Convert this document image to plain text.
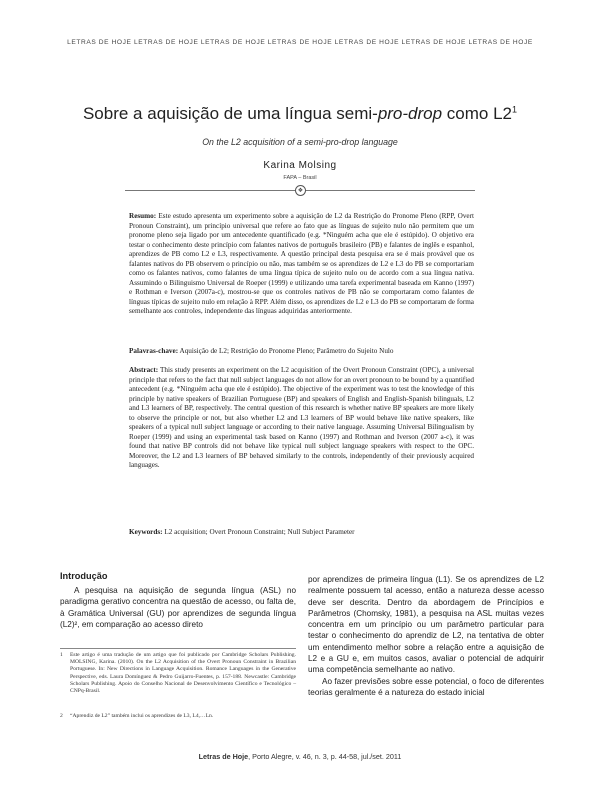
LETRAS DE HOJE LETRAS DE HOJE LETRAS DE HOJE LETRAS DE HOJE LETRAS DE HOJE LETRAS DE HOJE LETRAS DE HOJE
Sobre a aquisição de uma língua semi-pro-drop como $L2^1$
On the L2 acquisition of a semi-pro-drop language
Karina Molsing
FAPA – Brasil
❖
Resumo: Este estudo apresenta um experimento sobre a aquisição de L2 da Restrição do Pronome Pleno (RPP, Overt Pronoun Constraint), um princípio universal que refere ao fato que as línguas de sujeito nulo não permitem que um pronome pleno seja ligado por um antecedente quantificado (e.g. *Ninguém acha que ele é estúpido). O objetivo era testar o conhecimento deste princípio com falantes nativos de português brasileiro (PB) e falantes de inglês e espanhol, aprendizes de PB como L2 e L3, respectivamente. A questão principal desta pesquisa era se é mais provável que os falantes nativos do PB observem o princípio ou não, mas também se os aprendizes de L2 e L3 do PB se comportariam como os falantes nativos, como falantes de uma língua típica de sujeito nulo ou de acordo com a sua língua nativa. Assumindo o Bilinguismo Universal de Roeper (1999) e utilizando uma tarefa experimental baseada em Kanno (1997) e Rothman e Iverson (2007a-c), mostrou-se que os controles nativos de PB não se comportaram como falantes de línguas típicas de sujeito nulo em relação à RPP. Além disso, os aprendizes de L2 e L3 do PB se comportaram de forma semelhante aos controles, independente das línguas adquiridas anteriormente.
Palavras-chave: Aquisição de L2; Restrição do Pronome Pleno; Parâmetro do Sujeito Nulo
Abstract: This study presents an experiment on the L2 acquisition of the Overt Pronoun Constraint (OPC), a universal principle that refers to the fact that null subject languages do not allow for an overt pronoun to be bound by a quantified antecedent (e.g. *Ninguém acha que ele é estúpido). The objective of the experiment was to test the knowledge of this principle by native speakers of Brazilian Portuguese (BP) and speakers of English and English-Spanish bilinguals, L2 and L3 learners of BP, respectively. The central question of this research is whether native BP speakers are more likely to observe the principle or not, but also whether L2 and L3 learners of BP would behave like native speakers, like speakers of a typical null subject language or according to their native language. Assuming Universal Bilingualism by Roeper (1999) and using an experimental task based on Kanno (1997) and Rothman and Iverson (2007 a-c), it was found that native BP controls did not behave like typical null subject language speakers with respect to the OPC. Moreover, the L2 and L3 learners of BP behaved similarly to the controls, independently of their previously acquired languages.
Keywords: L2 acquisition; Overt Pronoun Constraint; Null Subject Parameter
Introdução
A pesquisa na aquisição de segunda língua (ASL) no paradigma gerativo concentra na questão de acesso, ou falta de, à Gramática Universal (GU) por aprendizes de segunda língua (L2)², em comparação ao acesso direto

por aprendizes de primeira língua (L1). Se os aprendizes de L2 realmente possuem tal acesso, então a natureza desse acesso deve ser descrita. Dentro da abordagem de Princípios e Parâmetros (Chomsky, 1981), a pesquisa na ASL muitas vezes concentra em um princípio ou um parâmetro particular para testar o conhecimento do aprendiz de L2, na tentativa de obter um entendimento melhor sobre a relação entre a aquisição de L2 e a GU e, em muitos casos, avaliar o potencial de adquirir uma competência semelhante ao nativo.

Ao fazer previsões sobre esse potencial, o foco de diferentes teorias geralmente é a natureza do estado inicial

1 Este artigo é uma tradução de um artigo que foi publicado por Cambridge Scholars Publishing. MOLSING, Karina. (2010). On the L2 Acquisition of the Overt Pronoun Constraint in Brazilian Portuguese. In: New Directions in Language Acquisition. Romance Languages in the Generative Perspective, eds. Laura Domínguez & Pedro Guijarro-Fuentes, p. 157-188. Newcastle: Cambridge Scholars Publishing. Apoio do Conselho Nacional de Desenvolvimento Científico e Tecnológico – CNPq-Brasil.
2 “Aprendiz de L2” também inclui os aprendizes de L3, L4,…Ln.
Letras de Hoje, Porto Alegre, v. 46, n. 3, p. 44-58, jul./set. 2011
